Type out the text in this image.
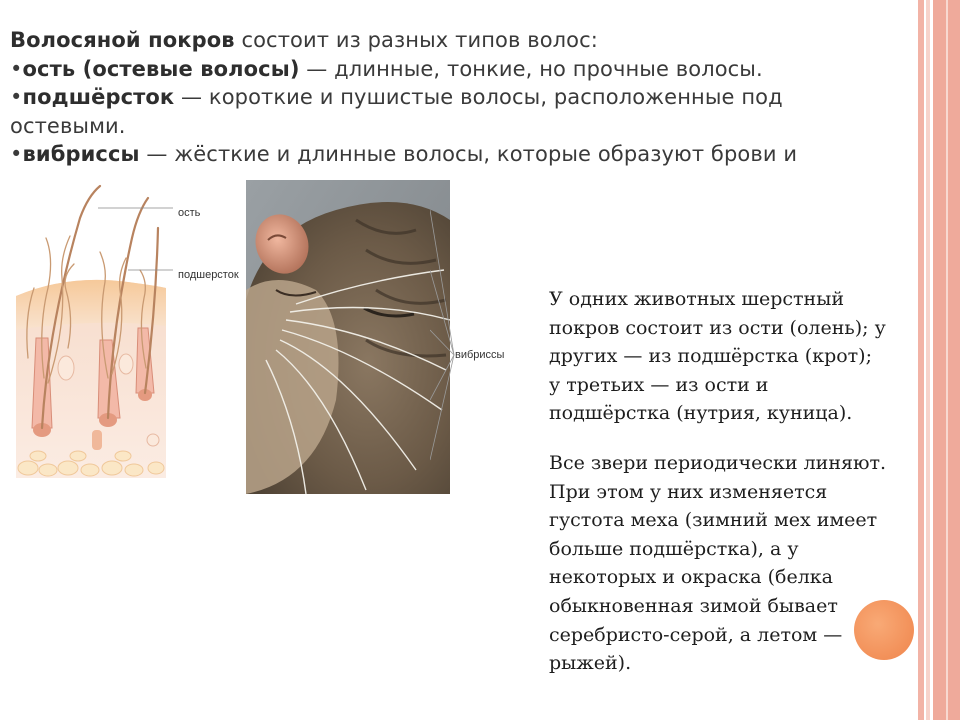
Волосяной покров состоит из разных типов волос:
•ость (остевые волосы) — длинные, тонкие, но прочные волосы.
•подшёрсток — короткие и пушистые волосы, расположенные под
остевыми.
•вибриссы — жёсткие и длинные волосы, которые образуют брови и
ость
подшерсток
вибриссы
У одних животных шерстный
покров состоит из ости (олень); у
других — из подшёрстка (крот);
у третьих — из ости и
подшёрстка (нутрия, куница).
Все звери периодически линяют.
При этом у них изменяется
густота меха (зимний мех имеет
больше подшёрстка), а у
некоторых и окраска (белка
обыкновенная зимой бывает
серебристо-серой, а летом —
рыжей).
